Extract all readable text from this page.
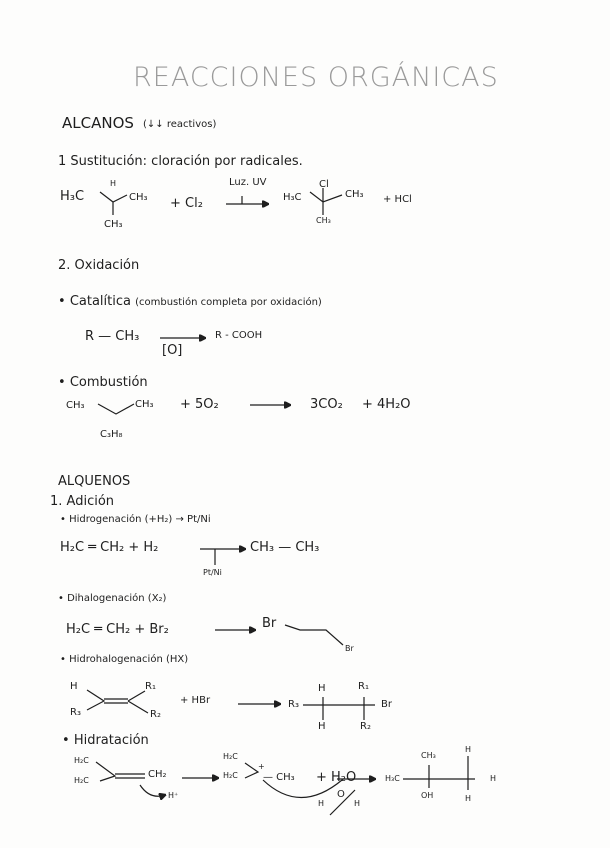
REACCIONES ORGÁNICAS
ALCANOS (↓↓ reactivos)
1 Sustitución: cloración por radicales.
H₃C
H
CH₃
CH₃
+ Cl₂
Luz. UV
H₃C
Cl
CH₃
CH₃
+ HCl
2. Oxidación
• Catalítica (combustión completa por oxidación)
R — CH₃
[O]
R - COOH
• Combustión
CH₃	CH₃
C₃H₈
+ 5O₂	3CO₂ + 4H₂O
ALQUENOS
1. Adición
• Hidrogenación (+H₂) → Pt/Ni
H₂C ═ CH₂ + H₂
Pt/Ni
CH₃ — CH₃
• Dihalogenación (X₂)
H₂C ═ CH₂ + Br₂	Br
Br
• Hidrohalogenación (HX)
H
R₃
R₁
R₂
+ HBr	R₃
H
H
R₁
R₂
Br
• Hidratación
H₂C
H₂C
CH₂
H⁺
H₂C
H₂C
+
— CH₃ + H₂O
H
O
H
H₃C
CH₃
OH
H
H
H
